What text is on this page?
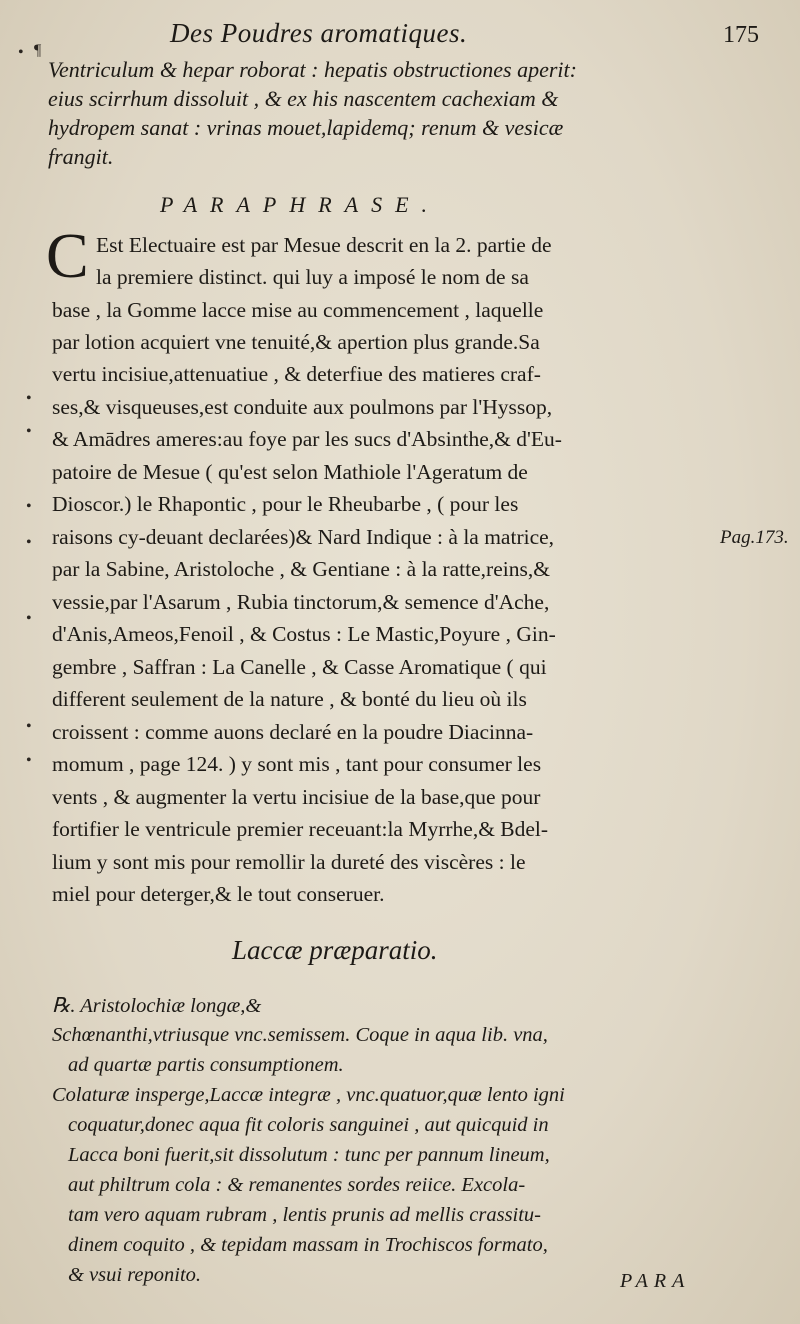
Des Poudres aromatiques.	175
• ¶
•
•
•
•
•
•
•
Ventriculum & hepar roborat : hepatis obstructiones aperit:
eius scirrhum dissoluit , & ex his nascentem cachexiam &
hydropem sanat : vrinas mouet,lapidemq; renum & vesicæ
frangit.
PARAPHRASE.
C Est Electuaire est par Mesue descrit en la 2. partie de
la premiere distinct. qui luy a imposé le nom de sa
base , la Gomme lacce mise au commencement , laquelle
par lotion acquiert vne tenuité,& apertion plus grande.Sa
vertu incisiue,attenuatiue , & deterfiue des matieres craf-
ses,& visqueuses,est conduite aux poulmons par l'Hyssop,
& Amādres ameres:au foye par les sucs d'Absinthe,& d'Eu-
patoire de Mesue ( qu'est selon Mathiole l'Ageratum de
Dioscor.) le Rhapontic , pour le Rheubarbe , ( pour les
raisons cy-deuant declarées)& Nard Indique : à la matrice,	Pag.173.
par la Sabine, Aristoloche , & Gentiane : à la ratte,reins,&
vessie,par l'Asarum , Rubia tinctorum,& semence d'Ache,
d'Anis,Ameos,Fenoil , & Costus : Le Mastic,Poyure , Gin-
gembre , Saffran : La Canelle , & Casse Aromatique ( qui
different seulement de la nature , & bonté du lieu où ils
croissent : comme auons declaré en la poudre Diacinna-
momum , page 124. ) y sont mis , tant pour consumer les
vents , & augmenter la vertu incisiue de la base,que pour
fortifier le ventricule premier receuant:la Myrrhe,& Bdel-
lium y sont mis pour remollir la dureté des viscères : le
miel pour deterger,& le tout conseruer.
Laccæ præparatio.
℞. Aristolochiæ longæ,&
Schœnanthi,vtriusque vnc.semissem. Coque in aqua lib. vna,
ad quartæ partis consumptionem.
Colaturæ insperge,Laccæ integræ , vnc.quatuor,quæ lento igni
coquatur,donec aqua fit coloris sanguinei , aut quicquid in
Lacca boni fuerit,sit dissolutum : tunc per pannum lineum,
aut philtrum cola : & remanentes sordes reiice. Excola-
tam vero aquam rubram , lentis prunis ad mellis crassitu-
dinem coquito , & tepidam massam in Trochiscos formato,
& vsui reponito.	PARA
